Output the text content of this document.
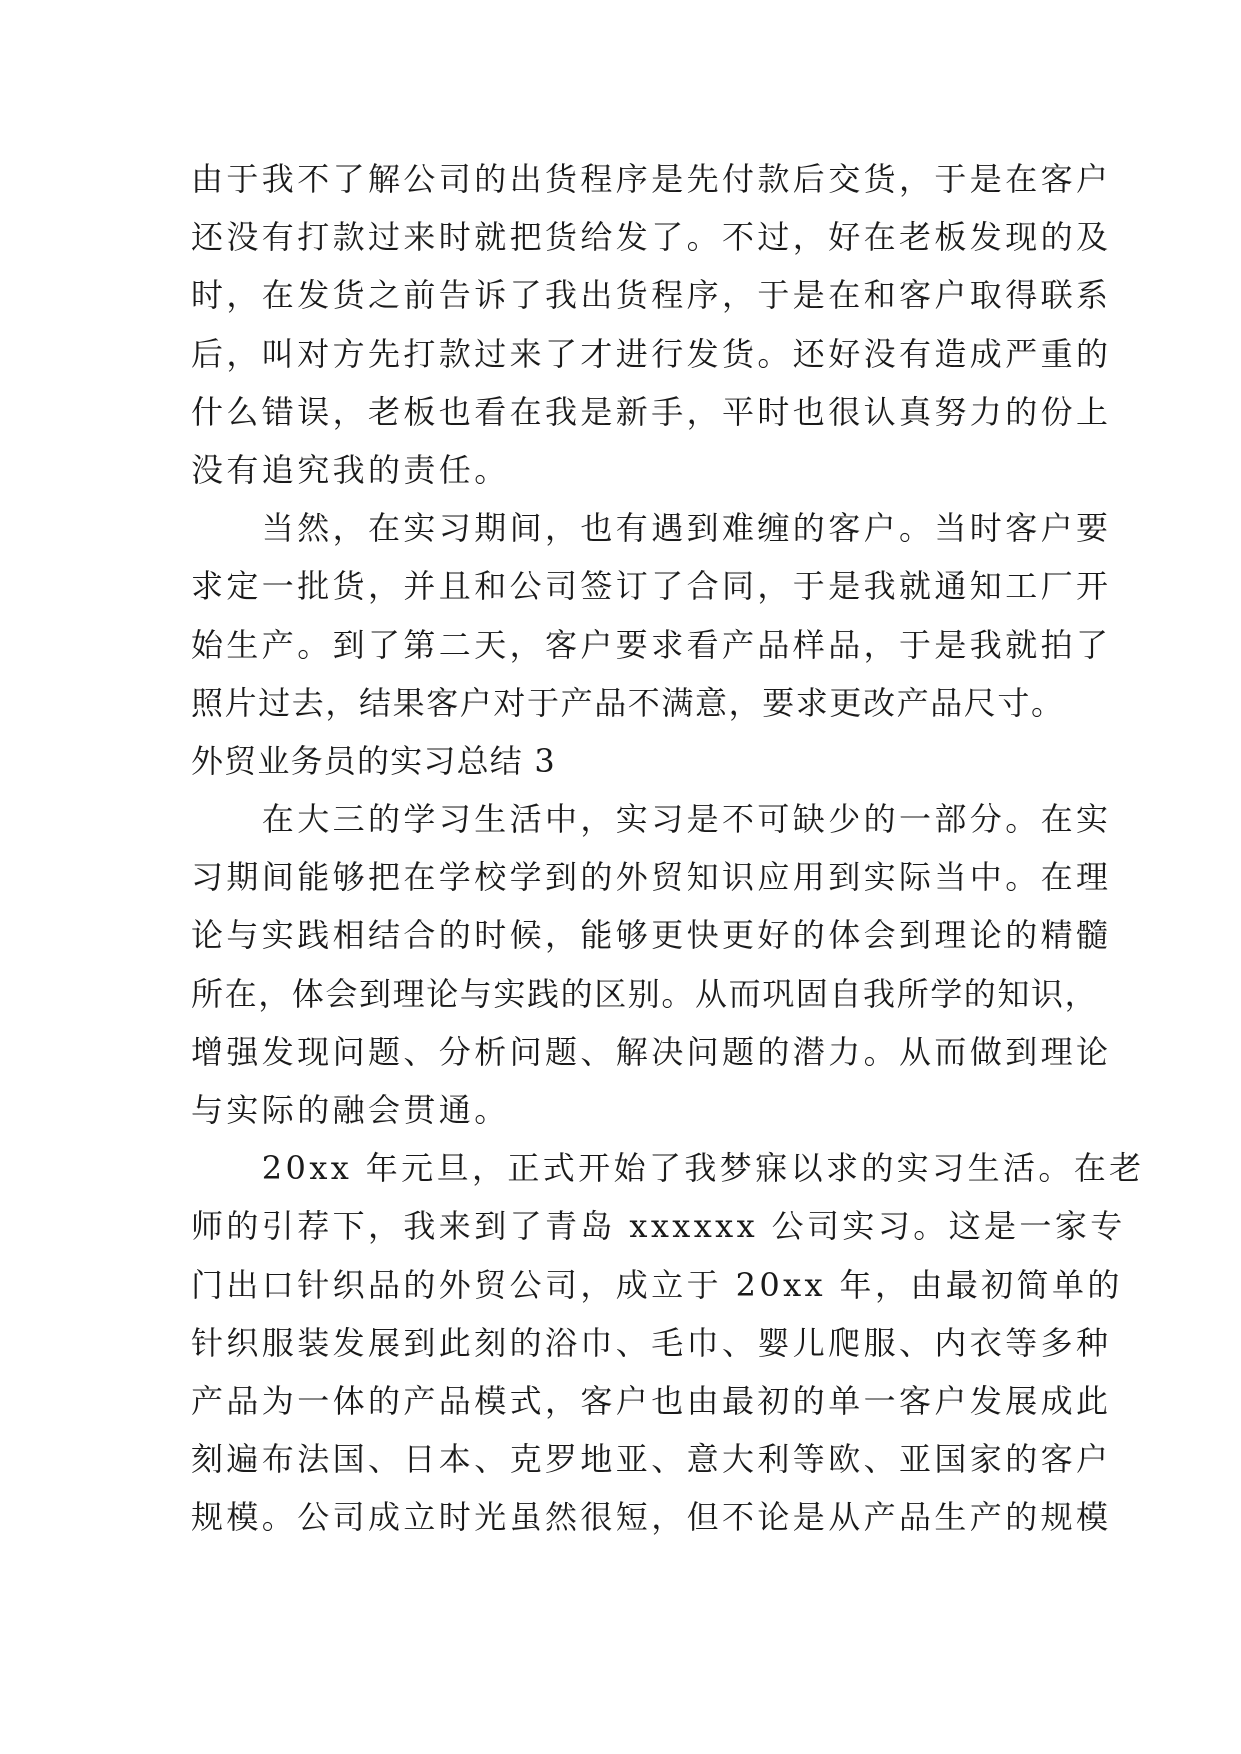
由于我不了解公司的出货程序是先付款后交货，于是在客户
还没有打款过来时就把货给发了。不过，好在老板发现的及
时，在发货之前告诉了我出货程序，于是在和客户取得联系
后，叫对方先打款过来了才进行发货。还好没有造成严重的
什么错误，老板也看在我是新手，平时也很认真努力的份上
没有追究我的责任。
　　当然，在实习期间，也有遇到难缠的客户。当时客户要
求定一批货，并且和公司签订了合同，于是我就通知工厂开
始生产。到了第二天，客户要求看产品样品，于是我就拍了
照片过去，结果客户对于产品不满意，要求更改产品尺寸。
外贸业务员的实习总结 3
　　在大三的学习生活中，实习是不可缺少的一部分。在实
习期间能够把在学校学到的外贸知识应用到实际当中。在理
论与实践相结合的时候，能够更快更好的体会到理论的精髓
所在，体会到理论与实践的区别。从而巩固自我所学的知识，
增强发现问题、分析问题、解决问题的潜力。从而做到理论
与实际的融会贯通。
　　20xx 年元旦，正式开始了我梦寐以求的实习生活。在老
师的引荐下，我来到了青岛 xxxxxx 公司实习。这是一家专
门出口针织品的外贸公司，成立于 20xx 年，由最初简单的
针织服装发展到此刻的浴巾、毛巾、婴儿爬服、内衣等多种
产品为一体的产品模式，客户也由最初的单一客户发展成此
刻遍布法国、日本、克罗地亚、意大利等欧、亚国家的客户
规模。公司成立时光虽然很短，但不论是从产品生产的规模
